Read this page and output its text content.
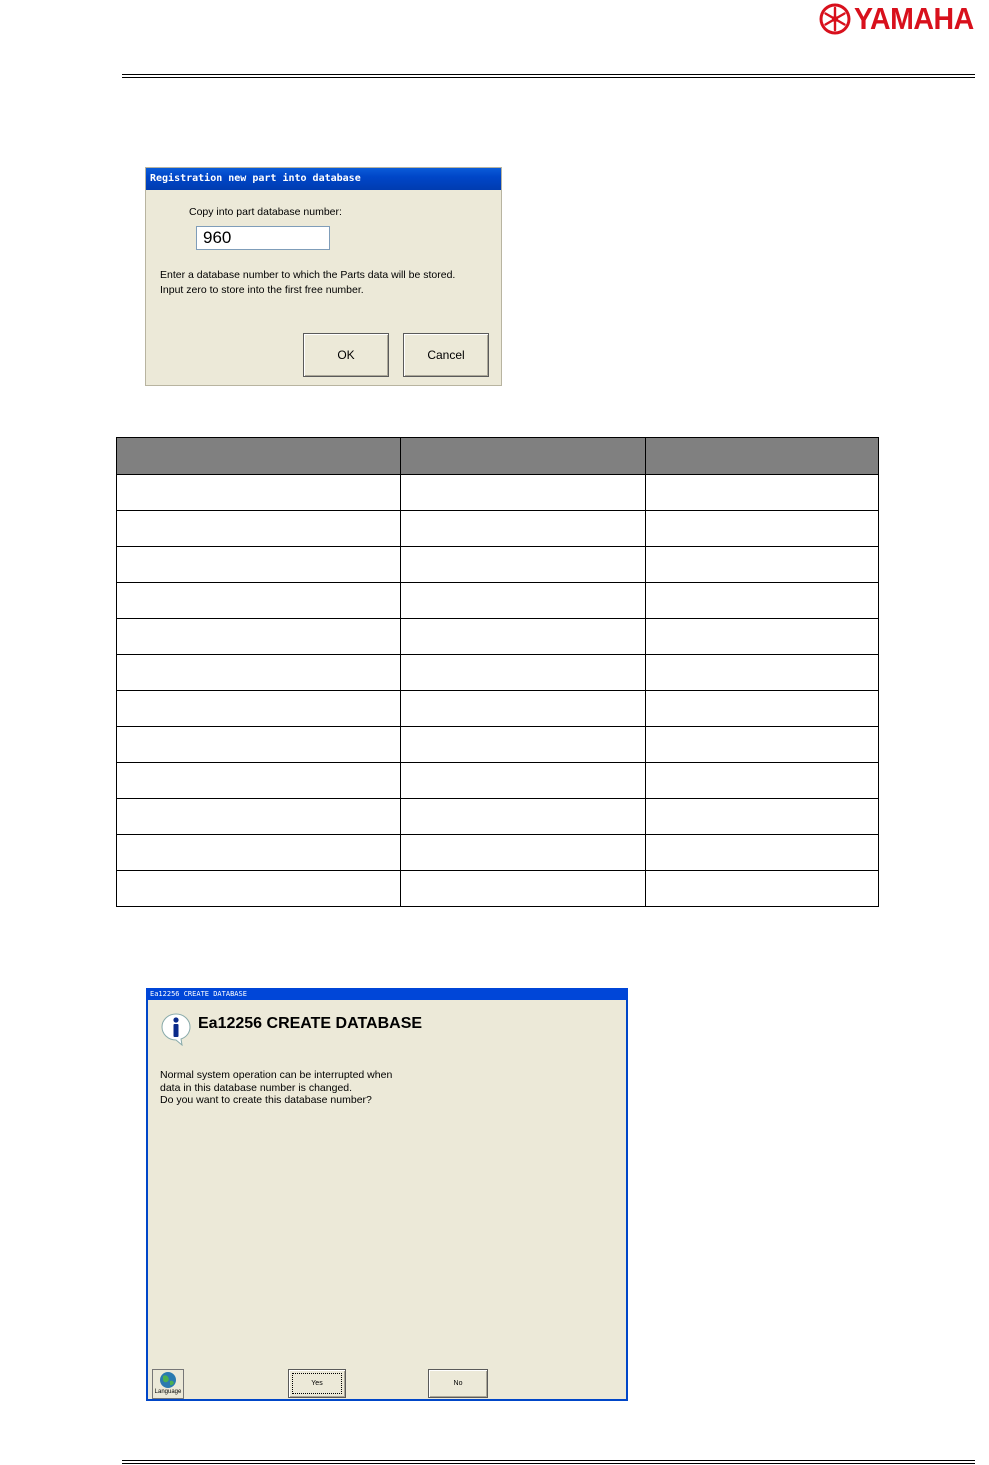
YAMAHA
Registration new part into database
Copy into part database number:
960
Enter a database number to which the Parts data will be stored.
Input zero to store into the first free number.
OK	Cancel

Ea12256 CREATE DATABASE
Ea12256 CREATE DATABASE
Normal system operation can be interrupted when
data in this database number is changed.
Do you want to create this database number?
Language
Yes	No
